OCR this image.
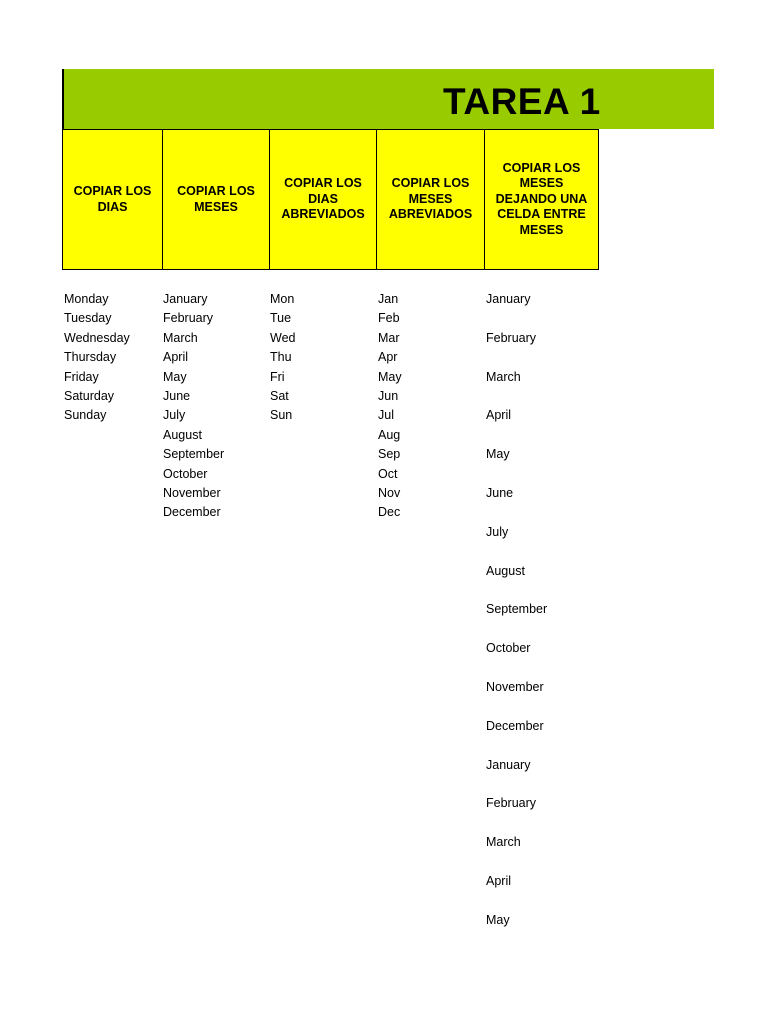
TAREA 1
COPIAR LOS DIAS
COPIAR LOS MESES
COPIAR LOS DIAS ABREVIADOS
COPIAR LOS MESES ABREVIADOS
COPIAR LOS MESES DEJANDO UNA CELDA ENTRE MESES
Monday
Tuesday
Wednesday
Thursday
Friday
Saturday
Sunday
January
February
March
April
May
June
July
August
September
October
November
December
Mon
Tue
Wed
Thu
Fri
Sat
Sun
Jan
Feb
Mar
Apr
May
Jun
Jul
Aug
Sep
Oct
Nov
Dec
January
February
March
April
May
June
July
August
September
October
November
December
January
February
March
April
May
